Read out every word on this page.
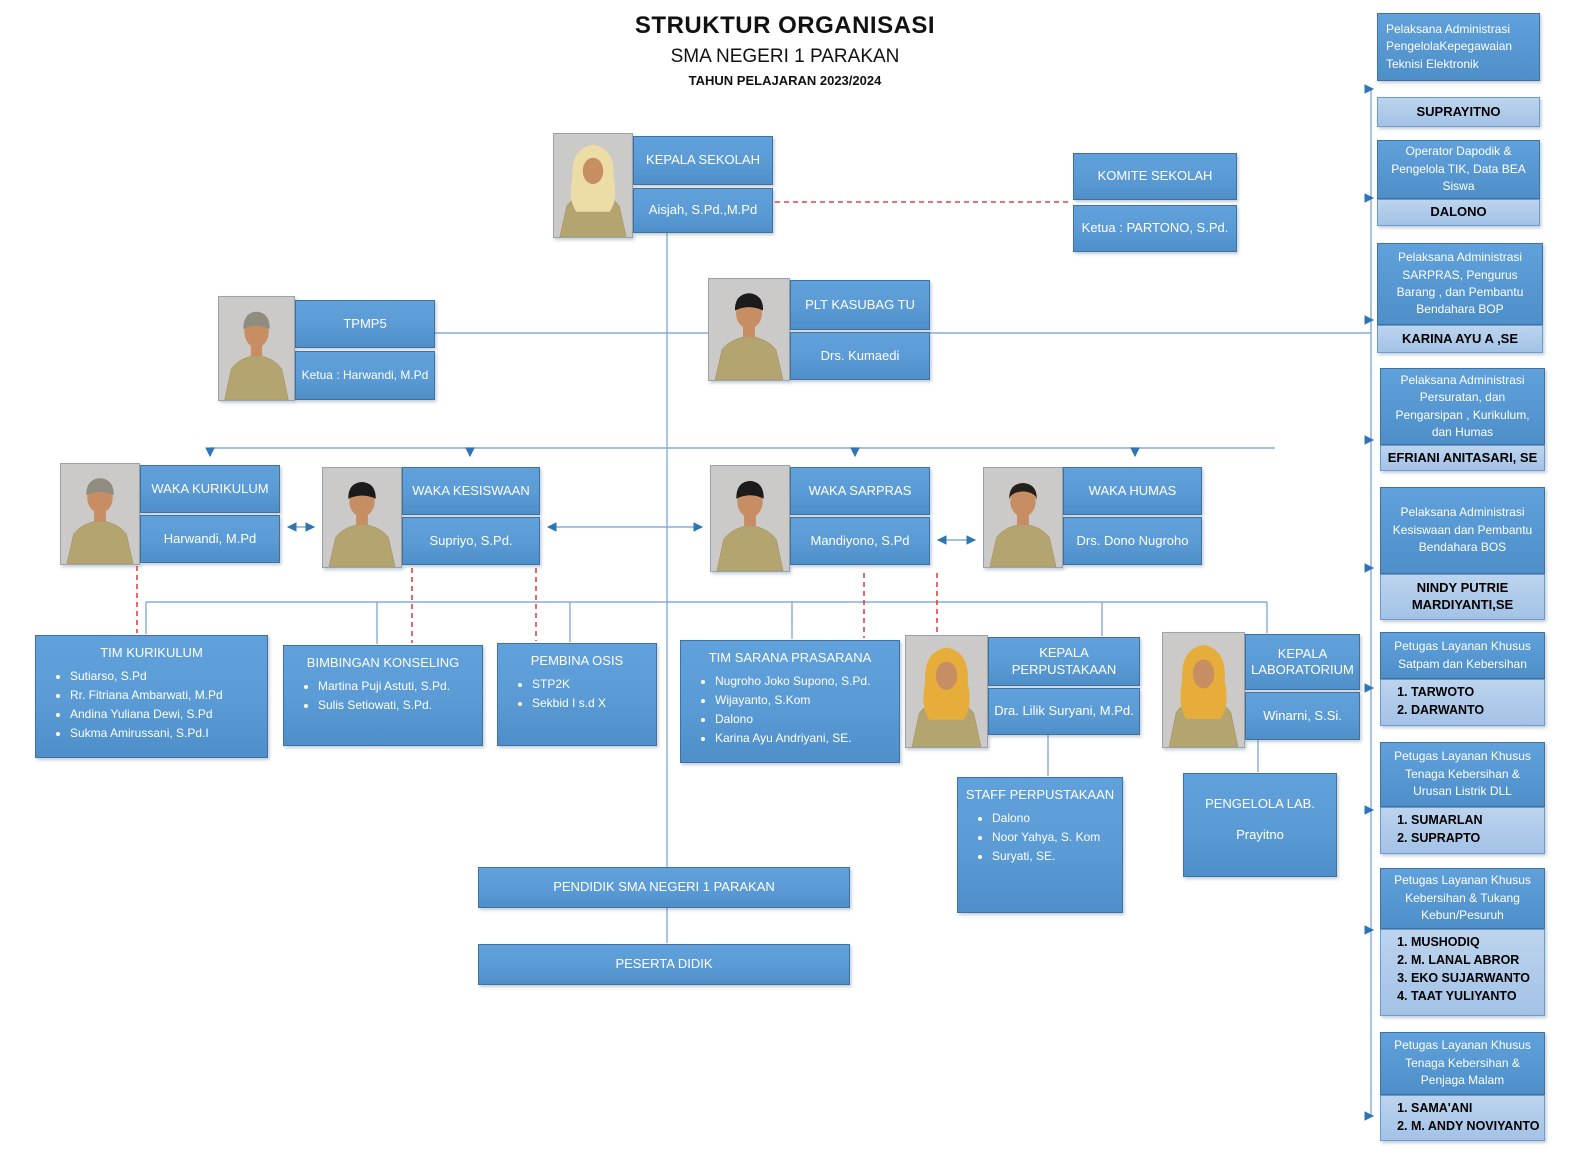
STRUKTUR ORGANISASI
SMA NEGERI 1 PARAKAN
TAHUN PELAJARAN 2023/2024
KEPALA SEKOLAH
Aisjah, S.Pd.,M.Pd
KOMITE SEKOLAH
Ketua : PARTONO, S.Pd.
TPMP5
Ketua : Harwandi, M.Pd
PLT KASUBAG TU
Drs. Kumaedi
WAKA KURIKULUM
Harwandi, M.Pd
WAKA KESISWAAN
Supriyo, S.Pd.
WAKA SARPRAS
Mandiyono, S.Pd
WAKA HUMAS
Drs. Dono Nugroho
TIM KURIKULUM
• Sutiarso, S.Pd
• Rr. Fitriana Ambarwati, M.Pd
• Andina Yuliana Dewi, S.Pd
• Sukma Amirussani, S.Pd.I
BIMBINGAN KONSELING
• Martina Puji Astuti, S.Pd.
• Sulis Setiowati, S.Pd.
PEMBINA OSIS
• STP2K
• Sekbid I s.d X
TIM SARANA PRASARANA
• Nugroho Joko Supono, S.Pd.
• Wijayanto, S.Kom
• Dalono
• Karina Ayu Andriyani, SE.
KEPALA PERPUSTAKAAN
Dra. Lilik Suryani, M.Pd.
KEPALA LABORATORIUM
Winarni, S.Si.
STAFF PERPUSTAKAAN
• Dalono
• Noor Yahya, S. Kom
• Suryati, SE.
PENGELOLA LAB.
Prayitno
PENDIDIK SMA NEGERI 1 PARAKAN
PESERTA DIDIK
Pelaksana Administrasi PengelolaKepegawaian Teknisi Elektronik
SUPRAYITNO
Operator Dapodik & Pengelola TIK, Data BEA Siswa
DALONO
Pelaksana Administrasi SARPRAS, Pengurus Barang , dan Pembantu Bendahara BOP
KARINA AYU A ,SE
Pelaksana Administrasi Persuratan, dan Pengarsipan , Kurikulum, dan Humas
EFRIANI ANITASARI, SE
Pelaksana Administrasi Kesiswaan dan Pembantu Bendahara BOS
NINDY PUTRIE MARDIYANTI,SE
Petugas Layanan Khusus Satpam dan Kebersihan
1. TARWOTO
2. DARWANTO
Petugas Layanan Khusus Tenaga Kebersihan & Urusan Listrik DLL
1. SUMARLAN
2. SUPRAPTO
Petugas Layanan Khusus Kebersihan & Tukang Kebun/Pesuruh
1. MUSHODIQ
2. M. LANAL ABROR
3. EKO SUJARWANTO
4. TAAT YULIYANTO
Petugas Layanan Khusus Tenaga Kebersihan & Penjaga Malam
1. SAMA'ANI
2. M. ANDY NOVIYANTO
